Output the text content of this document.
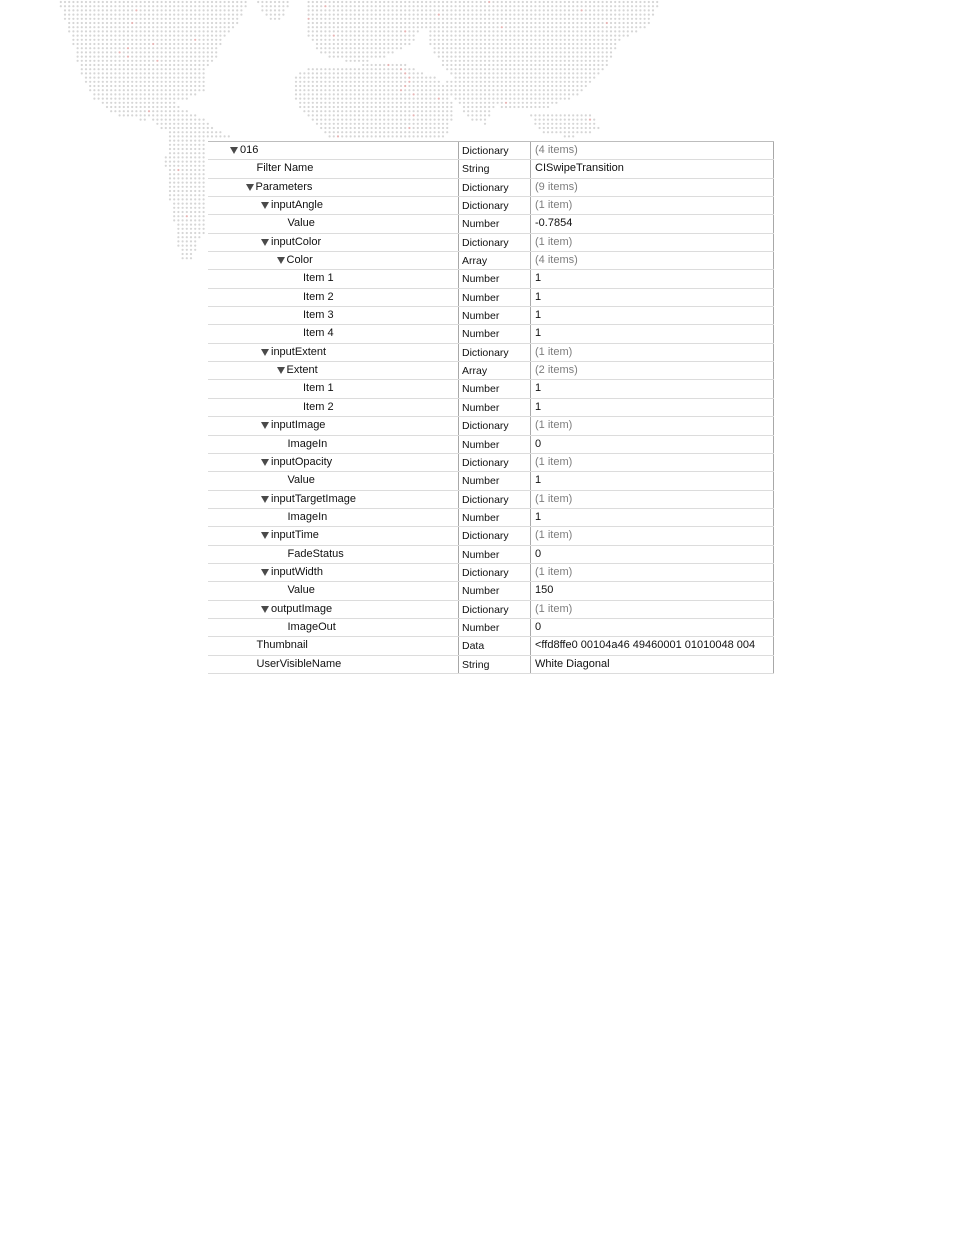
016	Dictionary	(4 items)
Filter Name	String	CISwipeTransition
Parameters	Dictionary	(9 items)
inputAngle	Dictionary	(1 item)
Value	Number	-0.7854
inputColor	Dictionary	(1 item)
Color	Array	(4 items)
Item 1	Number	1
Item 2	Number	1
Item 3	Number	1
Item 4	Number	1
inputExtent	Dictionary	(1 item)
Extent	Array	(2 items)
Item 1	Number	1
Item 2	Number	1
inputImage	Dictionary	(1 item)
ImageIn	Number	0
inputOpacity	Dictionary	(1 item)
Value	Number	1
inputTargetImage	Dictionary	(1 item)
ImageIn	Number	1
inputTime	Dictionary	(1 item)
FadeStatus	Number	0
inputWidth	Dictionary	(1 item)
Value	Number	150
outputImage	Dictionary	(1 item)
ImageOut	Number	0
Thumbnail	Data	<ffd8ffe0 00104a46 49460001 01010048 004
UserVisibleName	String	White Diagonal
